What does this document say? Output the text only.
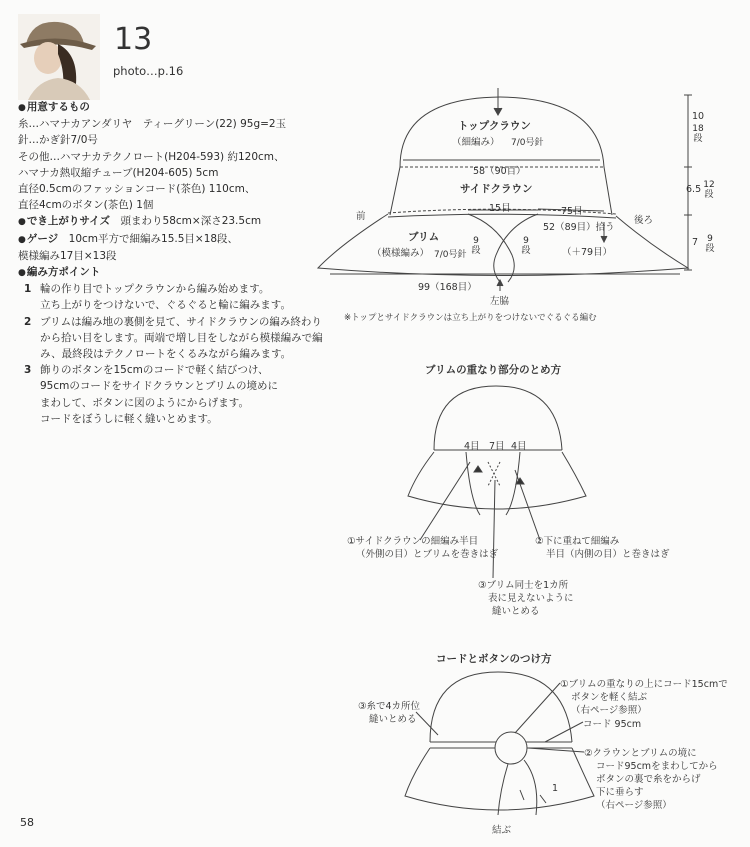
13
photo…p.16
● 用意するもの
糸…ハマナカアンダリヤ　ティーグリーン(22) 95g=2玉
針…かぎ針7/0号
その他…ハマナカテクノロート(H204-593) 約120cm、
ハマナカ熱収縮チューブ(H204-605) 5cm
直径0.5cmのファッションコード(茶色) 110cm、
直径4cmのボタン(茶色) 1個
● でき上がりサイズ　 頭まわり58cm×深さ23.5cm
● ゲージ　 10cm平方で細編み15.5目×18段、
模様編み17目×13段
● 編み方ポイント
1 輪の作り目でトップクラウンから編み始めます。
立ち上がりをつけないで、ぐるぐると輪に編みます。
2 ブリムは編み地の裏側を見て、サイドクラウンの編み終わり
から拾い目をします。両端で増し目をしながら模様編みで編
み、最終段はテクノロートをくるみながら編みます。
3 飾りのボタンを15cmのコードで軽く結びつけ、
95cmのコードをサイドクラウンとブリムの境めに
まわして、ボタンに図のようにからげます。
コードをぼうしに軽く縫いとめます。
トップクラウン
（細編み） 7/0号針
58（90目）
サイドクラウン
15目	75目
前	後ろ
52（89目）拾う
ブリム
（模様編み） 7/0号針
9段
9段	（＋79目）
99（168目）
左脇
10
18段
6.5 12段
7	9段
※トップとサイドクラウンは立ち上がりをつけないでぐるぐる編む
ブリムの重なり部分のとめ方
4目 7目 4目
①サイドクラウンの細編み半目
（外側の目）とブリムを巻きはぎ
②下に重ねて細編み
半目（内側の目）と巻きはぎ
③ブリム同士を1カ所
表に見えないように
縫いとめる
コードとボタンのつけ方
①ブリムの重なりの上にコード15cmで
ボタンを軽く結ぶ
（右ページ参照）
コード 95cm
③糸で4カ所位
縫いとめる
②クラウンとブリムの境に
コード95cmをまわしてから
ボタンの裏で糸をからげ
下に垂らす
（右ページ参照）
1
結ぶ
58
